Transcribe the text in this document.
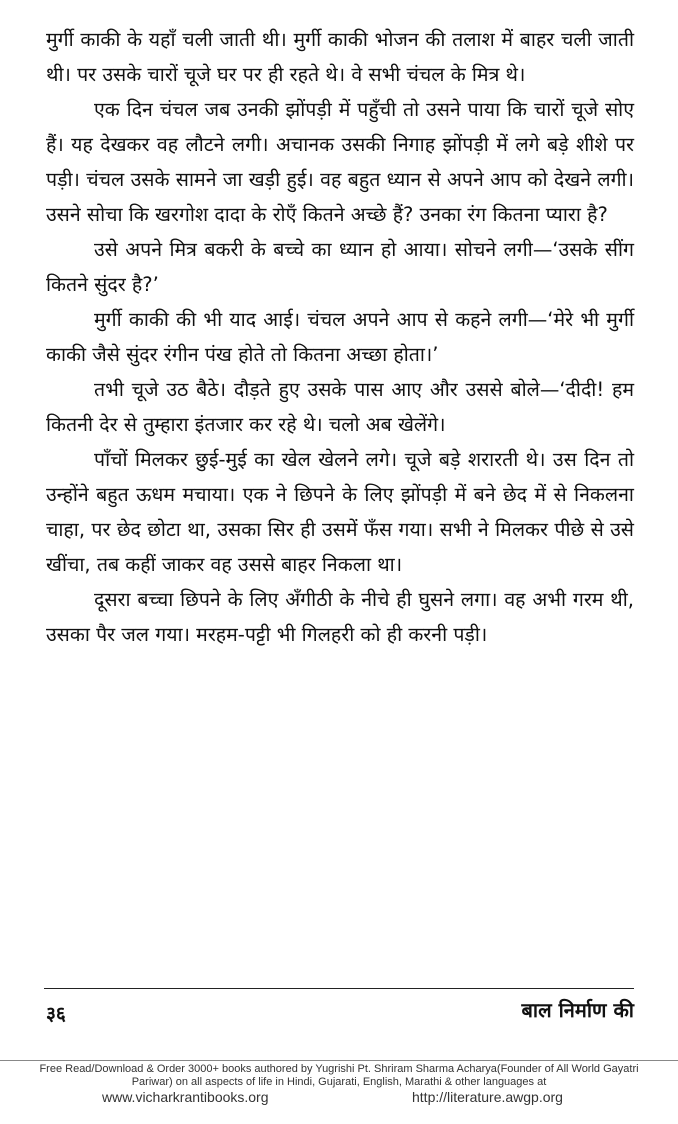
मुर्गी काकी के यहाँ चली जाती थी। मुर्गी काकी भोजन की तलाश में बाहर चली जाती थी। पर उसके चारों चूजे घर पर ही रहते थे। वे सभी चंचल के मित्र थे।

एक दिन चंचल जब उनकी झोंपड़ी में पहुँची तो उसने पाया कि चारों चूजे सोए हैं। यह देखकर वह लौटने लगी। अचानक उसकी निगाह झोंपड़ी में लगे बड़े शीशे पर पड़ी। चंचल उसके सामने जा खड़ी हुई। वह बहुत ध्यान से अपने आप को देखने लगी। उसने सोचा कि खरगोश दादा के रोएँ कितने अच्छे हैं? उनका रंग कितना प्यारा है?

उसे अपने मित्र बकरी के बच्चे का ध्यान हो आया। सोचने लगी—‘उसके सींग कितने सुंदर है?’

मुर्गी काकी की भी याद आई। चंचल अपने आप से कहने लगी—‘मेरे भी मुर्गी काकी जैसे सुंदर रंगीन पंख होते तो कितना अच्छा होता।’

तभी चूजे उठ बैठे। दौड़ते हुए उसके पास आए और उससे बोले—‘दीदी! हम कितनी देर से तुम्हारा इंतजार कर रहे थे। चलो अब खेलेंगे।

पाँचों मिलकर छुई-मुई का खेल खेलने लगे। चूजे बड़े शरारती थे। उस दिन तो उन्होंने बहुत ऊधम मचाया। एक ने छिपने के लिए झोंपड़ी में बने छेद में से निकलना चाहा, पर छेद छोटा था, उसका सिर ही उसमें फँस गया। सभी ने मिलकर पीछे से उसे खींचा, तब कहीं जाकर वह उससे बाहर निकला था।

दूसरा बच्चा छिपने के लिए अँगीठी के नीचे ही घुसने लगा। वह अभी गरम थी, उसका पैर जल गया। मरहम-पट्टी भी गिलहरी को ही करनी पड़ी।

३६	बाल निर्माण की
Free Read/Download & Order 3000+ books authored by Yugrishi Pt. Shriram Sharma Acharya(Founder of All World Gayatri Pariwar) on all aspects of life in Hindi, Gujarati, English, Marathi & other languages at
www.vicharkrantibooks.org	http://literature.awgp.org
